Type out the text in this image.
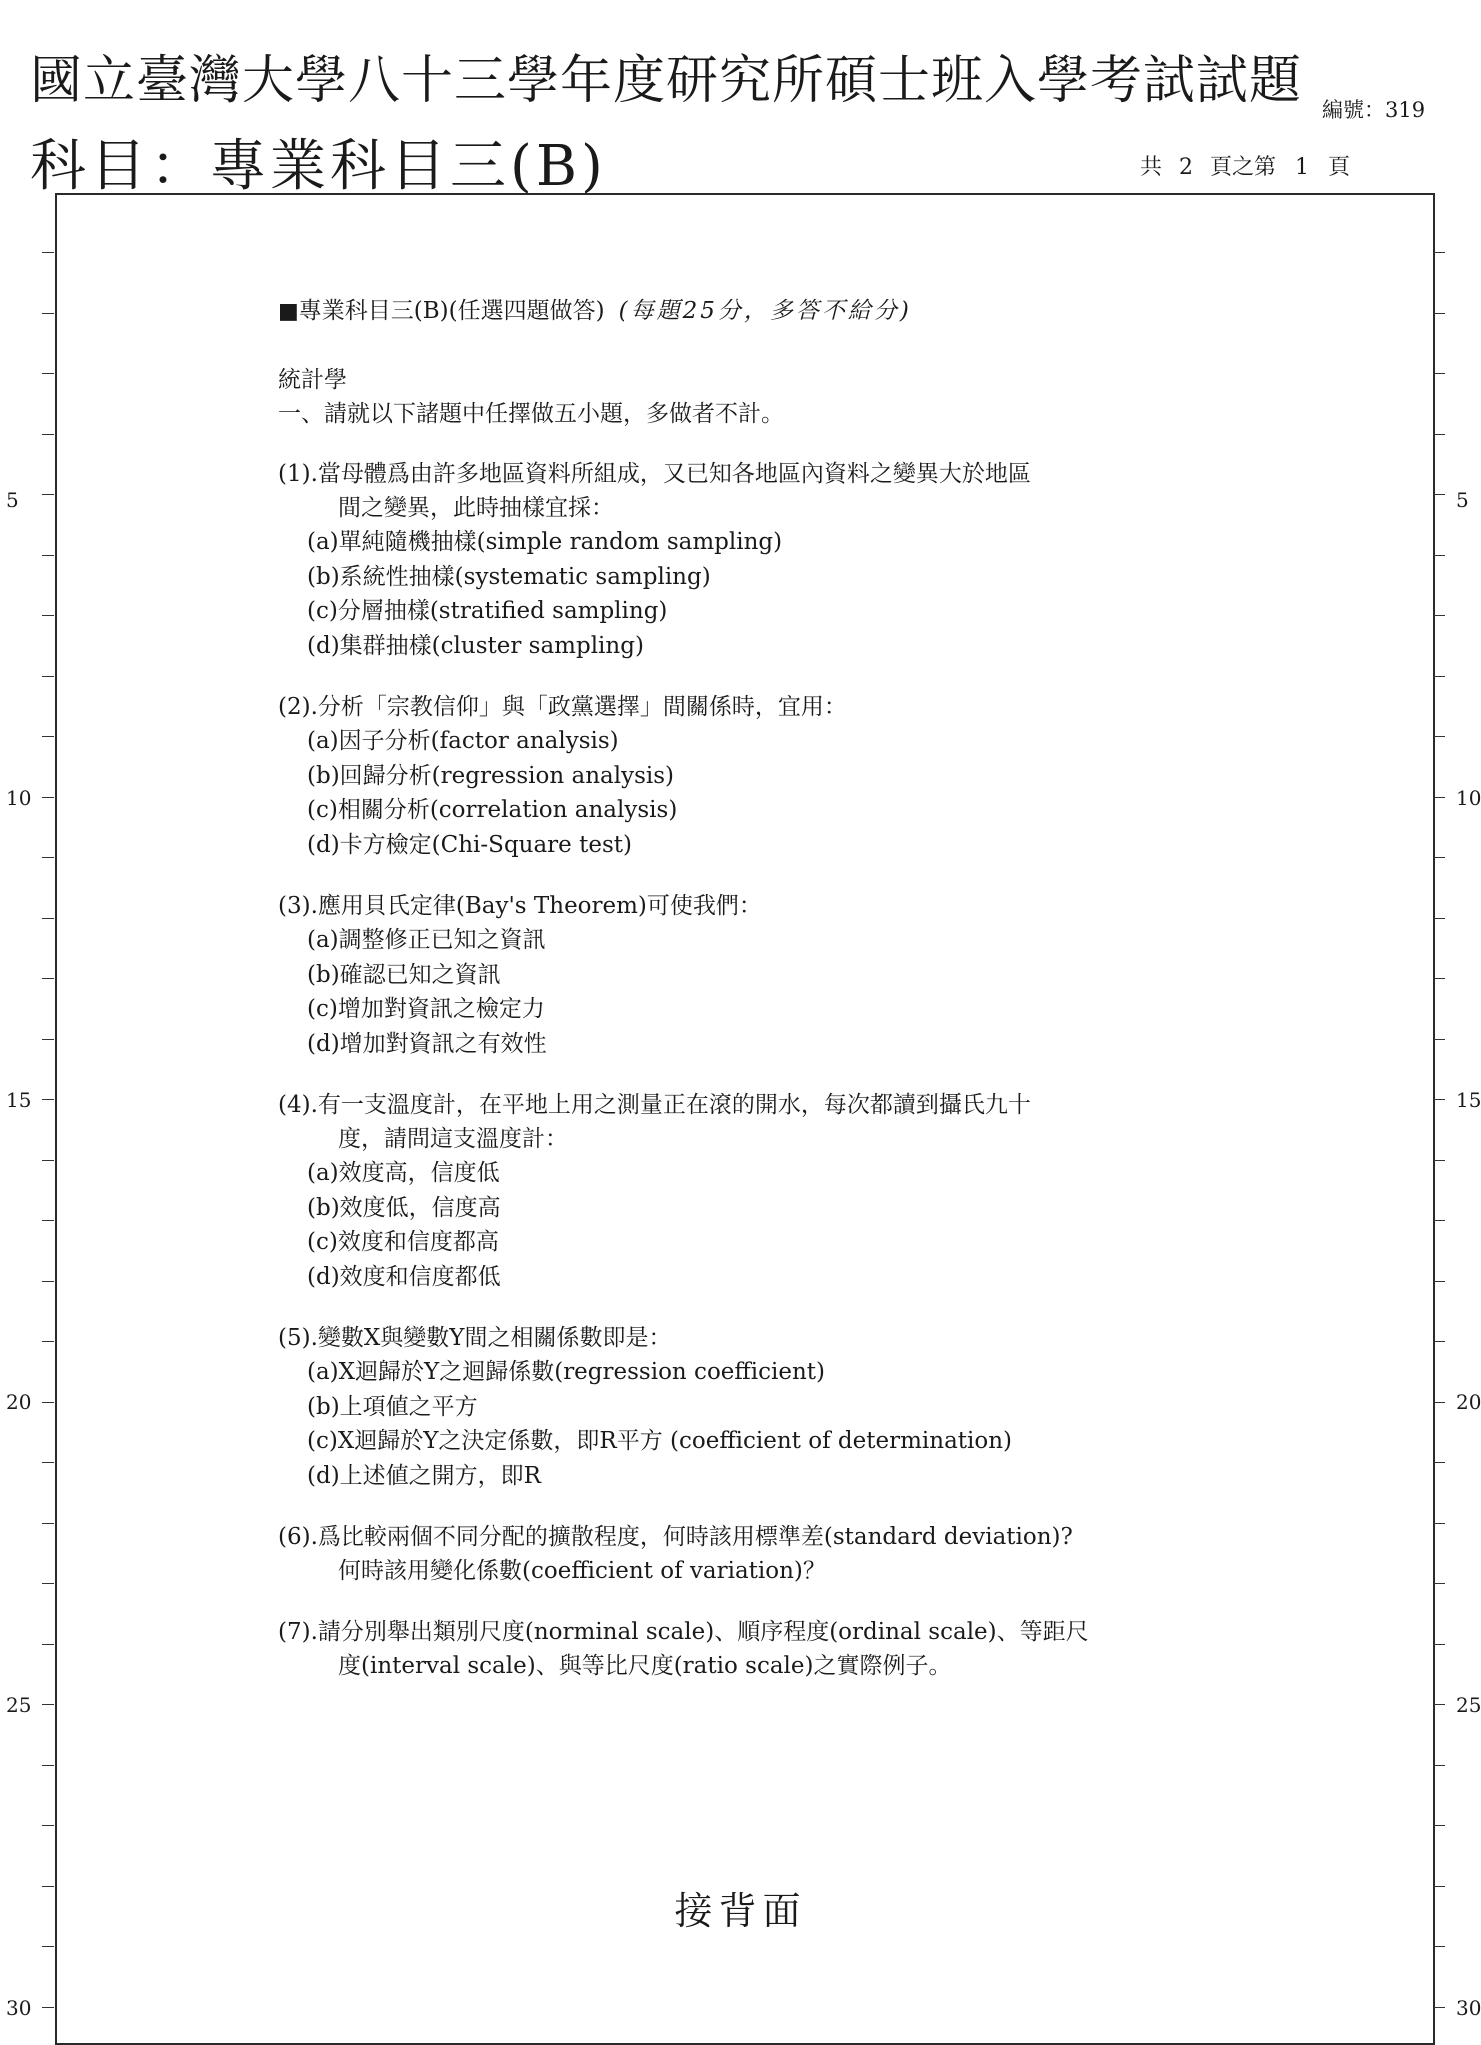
國立臺灣大學八十三學年度研究所碩士班入學考試試題
科目：專業科目三(B)
編號：319
共 2 頁之第 1 頁
5
10
15
20
25
30
5
10
15
20
25
30

■專業科目三(B)(任選四題做答) (每題25分，多答不給分)

統計學

一、請就以下諸題中任擇做五小題，多做者不計。

(1).當母體爲由許多地區資料所組成，又已知各地區內資料之變異大於地區

間之變異，此時抽樣宜採：

(a)單純隨機抽樣(simple random sampling)

(b)系統性抽樣(systematic sampling)

(c)分層抽樣(stratified sampling)

(d)集群抽樣(cluster sampling)

(2).分析「宗教信仰」與「政黨選擇」間關係時，宜用：

(a)因子分析(factor analysis)

(b)回歸分析(regression analysis)

(c)相關分析(correlation analysis)

(d)卡方檢定(Chi-Square test)

(3).應用貝氏定律(Bay's Theorem)可使我們：

(a)調整修正已知之資訊

(b)確認已知之資訊

(c)增加對資訊之檢定力

(d)增加對資訊之有效性

(4).有一支溫度計，在平地上用之測量正在滾的開水，每次都讀到攝氏九十

度，請問這支溫度計：

(a)效度高，信度低

(b)效度低，信度高

(c)效度和信度都高

(d)效度和信度都低

(5).變數X與變數Y間之相關係數即是：

(a)X迴歸於Y之迴歸係數(regression coefficient)

(b)上項値之平方

(c)X迴歸於Y之決定係數，即R平方 (coefficient of determination)

(d)上述値之開方，即R

(6).爲比較兩個不同分配的擴散程度，何時該用標準差(standard deviation)?

何時該用變化係數(coefficient of variation)？

(7).請分別舉出類別尺度(norminal scale)、順序程度(ordinal scale)、等距尺

度(interval scale)、與等比尺度(ratio scale)之實際例子。

接背面
